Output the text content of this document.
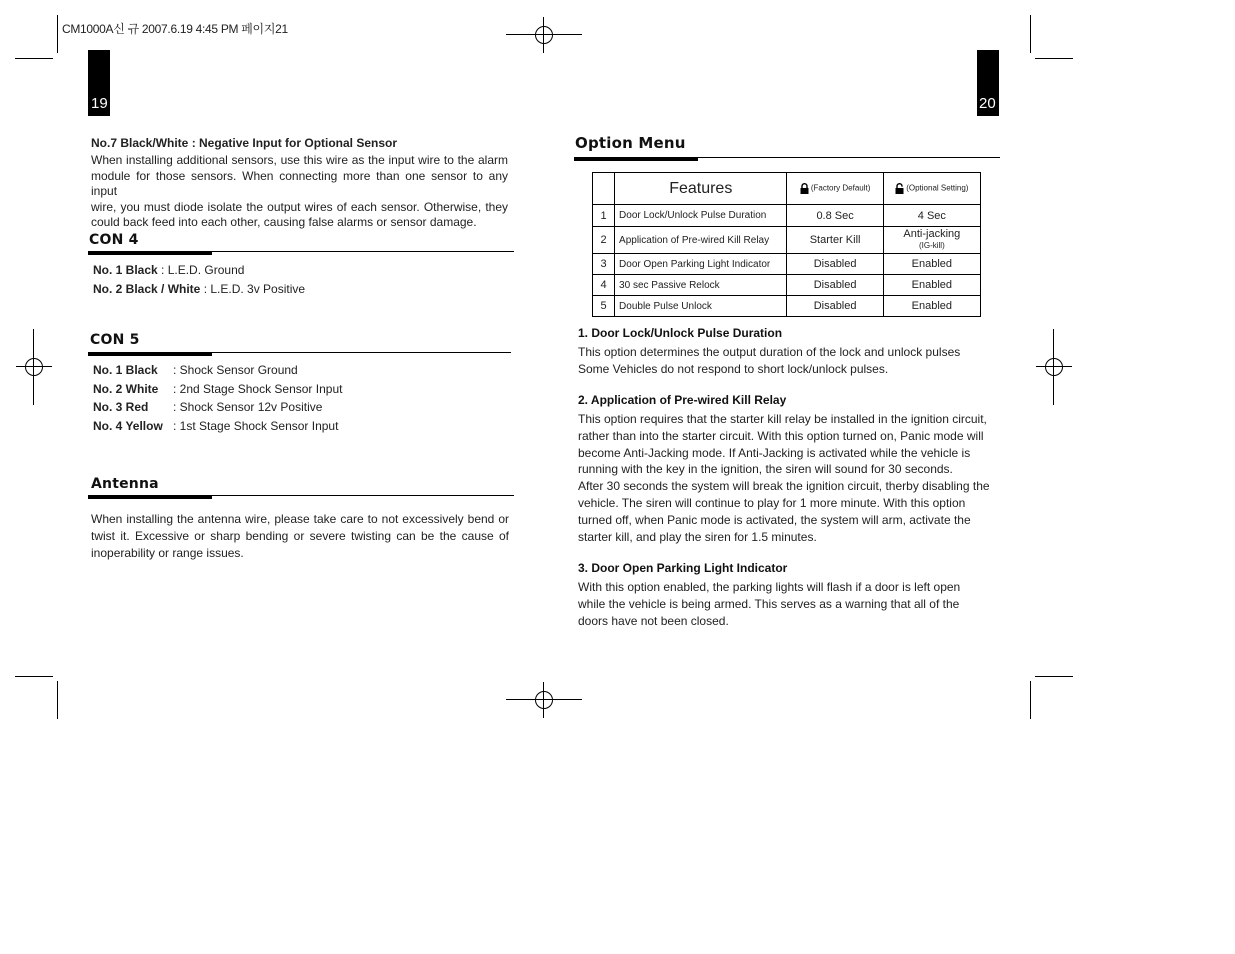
CM1000A신 규 2007.6.19 4:45 PM 페이지21
19	20
No.7 Black/White : Negative Input for Optional Sensor
When installing additional sensors, use this wire as the input wire to the alarm
module for those sensors. When connecting more than one sensor to any input
wire, you must diode isolate the output wires of each sensor. Otherwise, they
could back feed into each other, causing false alarms or sensor damage.
CON 4
No. 1 Black : L.E.D. Ground
No. 2 Black / White : L.E.D. 3v Positive
CON 5
No. 1 Black : Shock Sensor Ground
No. 2 White : 2nd Stage Shock Sensor Input
No. 3 Red : Shock Sensor 12v Positive
No. 4 Yellow : 1st Stage Shock Sensor Input
Antenna
When installing the antenna wire, please take care to not excessively bend or
twist it. Excessive or sharp bending or severe twisting can be the cause of
inoperability or range issues.
Option Menu
	Features	(Factory Default)	(Optional Setting)
1	Door Lock/Unlock Pulse Duration	0.8 Sec	4 Sec
2	Application of Pre-wired Kill Relay	Starter Kill	Anti-jacking
(IG-kill)

3	Door Open Parking Light Indicator	Disabled	Enabled
4	30 sec Passive Relock	Disabled	Enabled
5	Double Pulse Unlock	Disabled	Enabled
1. Door Lock/Unlock Pulse Duration
This option determines the output duration of the lock and unlock pulses
Some Vehicles do not respond to short lock/unlock pulses.
2. Application of Pre-wired Kill Relay
This option requires that the starter kill relay be installed in the ignition circuit,
rather than into the starter circuit. With this option turned on, Panic mode will
become Anti-Jacking mode. If Anti-Jacking is activated while the vehicle is
running with the key in the ignition, the siren will sound for 30 seconds.
After 30 seconds the system will break the ignition circuit, therby disabling the
vehicle. The siren will continue to play for 1 more minute. With this option
turned off, when Panic mode is activated, the system will arm, activate the
starter kill, and play the siren for 1.5 minutes.
3. Door Open Parking Light Indicator
With this option enabled, the parking lights will flash if a door is left open
while the vehicle is being armed. This serves as a warning that all of the
doors have not been closed.
